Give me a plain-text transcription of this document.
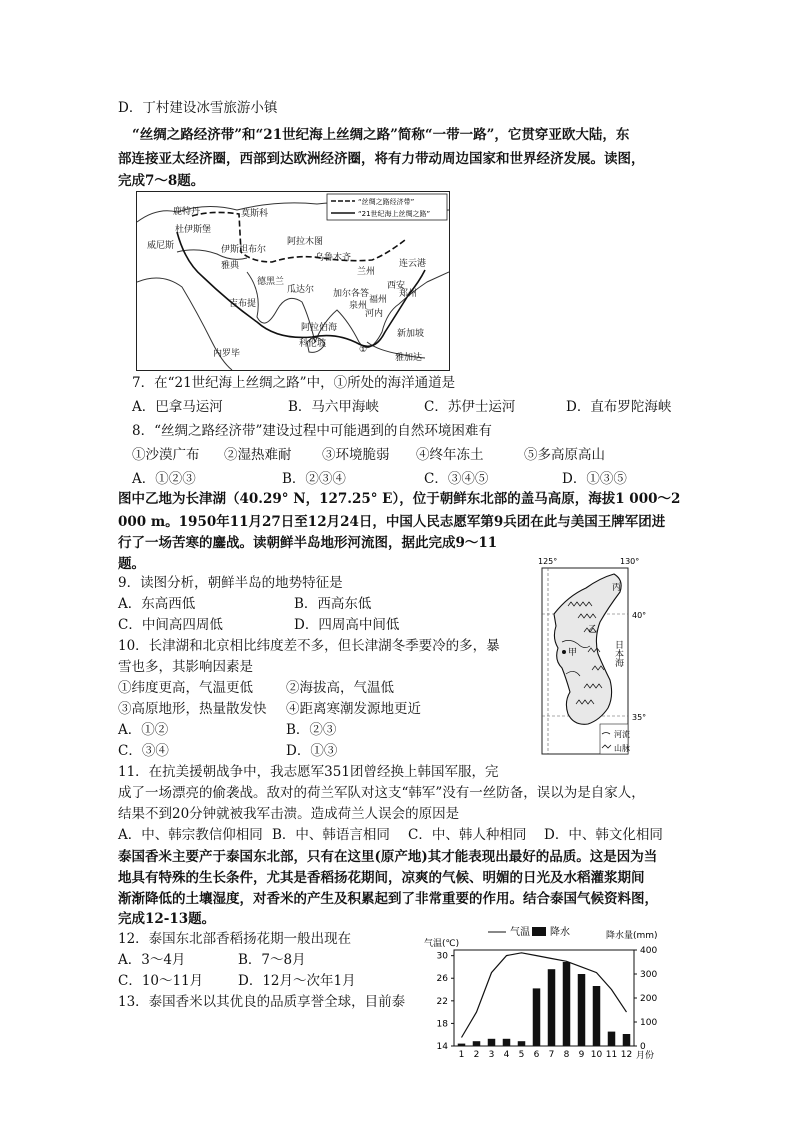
D．丁村建设冰雪旅游小镇
“丝绸之路经济带”和“21世纪海上丝绸之路”简称“一带一路”，它贯穿亚欧大陆，东
部连接亚太经济圈，西部到达欧洲经济圈，将有力带动周边国家和世界经济发展。读图，
完成7～8题。
“丝绸之路经济带”
“21世纪海上丝绸之路”
鹿特丹	莫斯科
杜伊斯堡
威尼斯	伊斯坦布尔
阿拉木图
乌鲁木齐
雅典
兰州
连云港
德黑兰	西安
郑州
瓜达尔 加尔各答
福州
吉布提	泉州
阿拉伯海
河内
科伦坡
新加坡
内罗毕	雅加达
①
7．在“21世纪海上丝绸之路”中，①所处的海洋通道是
A．巴拿马运河	B．马六甲海峡	C．苏伊士运河	D．直布罗陀海峡
8．“丝绸之路经济带”建设过程中可能遇到的自然环境困难有
①沙漠广布 ②湿热难耐 ③环境脆弱 ④终年冻土	⑤多高原高山
A．①②③	B．②③④	C．③④⑤	D．①③⑤
图中乙地为长津湖（40.29° N，127.25° E），位于朝鲜东北部的盖马高原，海拔1 000～2
000 m。1950年11月27日至12月24日，中国人民志愿军第9兵团在此与美国王牌军团进
行了一场苦寒的鏖战。读朝鲜半岛地形河流图，据此完成9～11
题。	125°	130°
40°
35°
甲
乙
丙
日本海
河流
山脉
9．读图分析，朝鲜半岛的地势特征是
A．东高西低	B．西高东低
C．中间高四周低	D．四周高中间低
10．长津湖和北京相比纬度差不多，但长津湖冬季要冷的多，暴
雪也多，其影响因素是
①纬度更高，气温更低 ②海拔高，气温低
③高原地形，热量散发快 ④距离寒潮发源地更近
A．①②	B．②③
C．③④	D．①③
11．在抗美援朝战争中，我志愿军351团曾经换上韩国军服，完
成了一场漂亮的偷袭战。敌对的荷兰军队对这支“韩军”没有一丝防备，误以为是自家人，
结果不到20分钟就被我军击溃。造成荷兰人误会的原因是
A．中、韩宗教信仰相同 B．中、韩语言相同 C．中、韩人种相同 D．中、韩文化相同
泰国香米主要产于泰国东北部，只有在这里(原产地)其才能表现出最好的品质。这是因为当
地具有特殊的生长条件，尤其是香稻扬花期间，凉爽的气候、明媚的日光及水稻灌浆期间
渐渐降低的土壤湿度，对香米的产生及积累起到了非常重要的作用。结合泰国气候资料图，
完成12-13题。
12．泰国东北部香稻扬花期一般出现在
A．3～4月	B．7～8月
C．10～11月	D．12月～次年1月
13．泰国香米以其优良的品质享誉全球，目前泰
气温 降水
气温(℃)
降水量(mm)
月份
14
18
22
26
30
0
100
200
300
400
1 2 3 4 5 6 7 8 9 10 11 12
